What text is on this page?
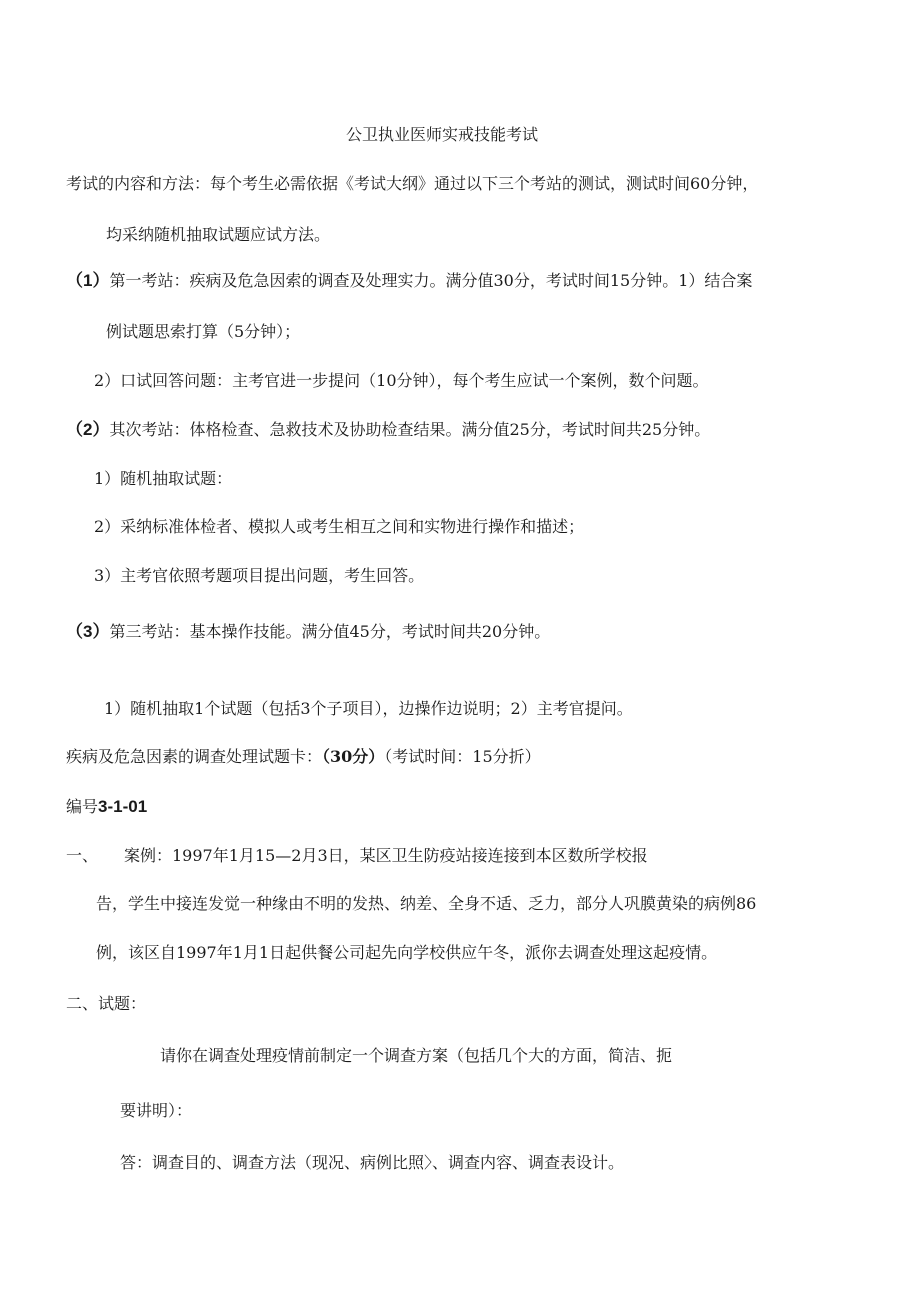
公卫执业医师实戒技能考试
考试的内容和方法：每个考生必需依据《考试大纲》通过以下三个考站的测试，测试时间60分钟，
均采纳随机抽取试题应试方法。
（1）第一考站：疾病及危急因索的调查及处理实力。满分值30分，考试时间15分钟。1）结合案
例试题思索打算（5分钟）；
2）口试回答问题：主考官进一步提问（10分钟），每个考生应试一个案例，数个问题。
（2）其次考站：体格检查、急救技术及协助检查结果。满分值25分，考试时间共25分钟。
1）随机抽取试题：
2）采纳标准体检者、模拟人或考生相互之间和实物进行操作和描述；
3）主考官依照考题项目提出问题，考生回答。
（3）第三考站：基本操作技能。满分值45分，考试时间共20分钟。
1）随机抽取1个试题（包括3个子项目），边操作边说明；2）主考官提问。
疾病及危急因素的调查处理试题卡：（30分）（考试时间：15分折）
编号3-1-01
一、 案例：1997年1月15—2月3日，某区卫生防疫站接连接到本区数所学校报
告，学生中接连发觉一种缘由不明的发热、纳差、全身不适、乏力，部分人巩膜黄染的病例86
例，该区自1997年1月1日起供餐公司起先向学校供应午冬，派你去调查处理这起疫情。
二、试题：
请你在调查处理疫情前制定一个调查方案（包括几个大的方面，简洁、扼
要讲明）：
答：调查目的、调查方法（现况、病例比照〉、调查内容、调查表设计。
